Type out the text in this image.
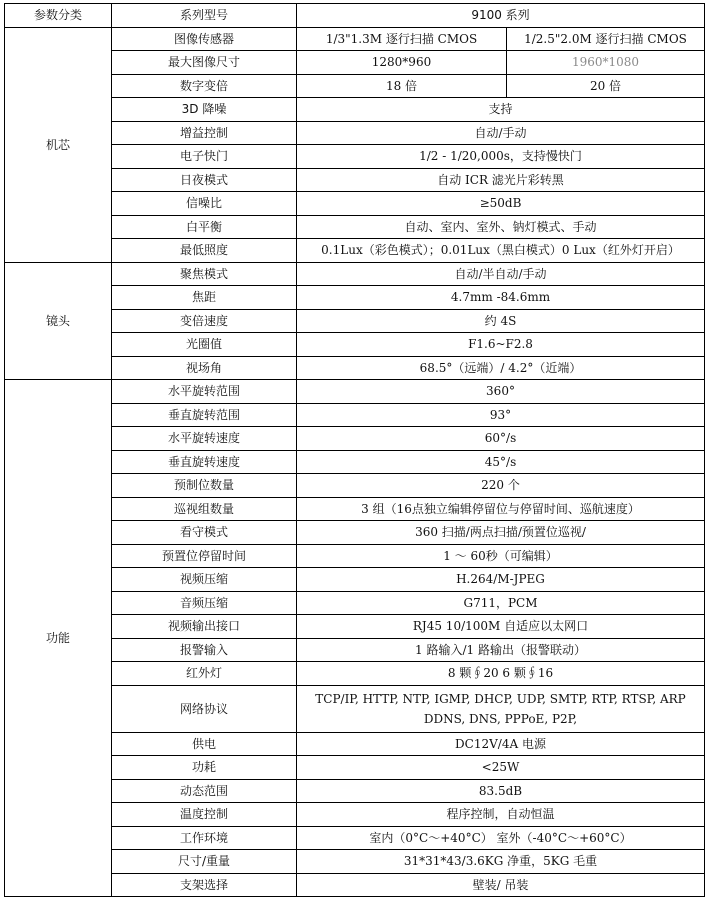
参数分类	系列型号	9100 系列	
机芯	图像传感器	1/3"1.3M 逐行扫描 CMOS	1/2.5"2.0M 逐行扫描 CMOS
	最大图像尺寸	1280*960	1960*1080
	数字变倍	18 倍	20 倍
	3D 降噪	支持	
	增益控制	自动/手动	
	电子快门	1/2 - 1/20,000s，支持慢快门	
	日夜模式	自动 ICR 滤光片彩转黑	
	信噪比	≥50dB	
	白平衡	自动、室内、室外、钠灯模式、手动	
	最低照度	0.1Lux（彩色模式）；0.01Lux（黑白模式）0 Lux（红外灯开启）	
镜头	聚焦模式	自动/半自动/手动	
	焦距	4.7mm -84.6mm	
	变倍速度	约 4S	
	光圈值	F1.6~F2.8	
	视场角	68.5°（远端）/ 4.2°（近端）	
功能	水平旋转范围	360°	
	垂直旋转范围	93°	
	水平旋转速度	60°/s	
	垂直旋转速度	45°/s	
	预制位数量	220 个	
	巡视组数量	3 组（16点独立编辑停留位与停留时间、巡航速度）	
	看守模式	360 扫描/两点扫描/预置位巡视/	
	预置位停留时间	1 ～ 60秒（可编辑）	
	视频压缩	H.264/M-JPEG	
	音频压缩	G711，PCM	
	视频输出接口	RJ45 10/100M 自适应以太网口	
	报警输入	1 路输入/1 路输出（报警联动）	
	红外灯	8 颗∮20 6 颗∮16	
	网络协议	TCP/IP, HTTP, NTP, IGMP, DHCP, UDP, SMTP, RTP, RTSP, ARP
DDNS, DNS, PPPoE, P2P,	

	供电	DC12V/4A 电源	
	功耗	<25W	
	动态范围	83.5dB	
	温度控制	程序控制，自动恒温	
	工作环境	室内（0°C～+40°C） 室外（-40°C～+60°C）	
	尺寸/重量	31*31*43/3.6KG 净重，5KG 毛重	
	支架选择	壁装/ 吊装	
